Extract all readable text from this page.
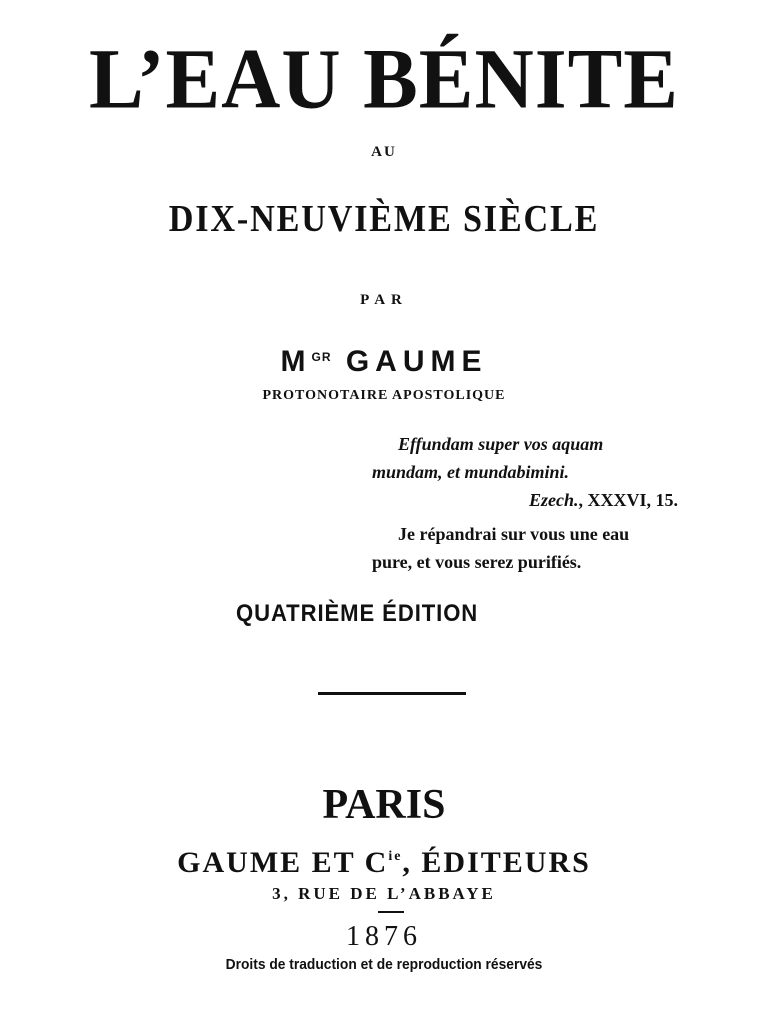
L’EAU BÉNITE
AU
DIX-NEUVIÈME SIÈCLE
PAR
$M^{GR}$ GAUME
PROTONOTAIRE APOSTOLIQUE
Effundam super vos aquam
mundam, et mundabimini.
Ezech., XXXVI, 15.
Je répandrai sur vous une eau
pure, et vous serez purifiés.
QUATRIÈME ÉDITION
PARIS
GAUME ET $C^{ie}$, ÉDITEURS
3, RUE DE L’ABBAYE
1876
Droits de traduction et de reproduction réservés
